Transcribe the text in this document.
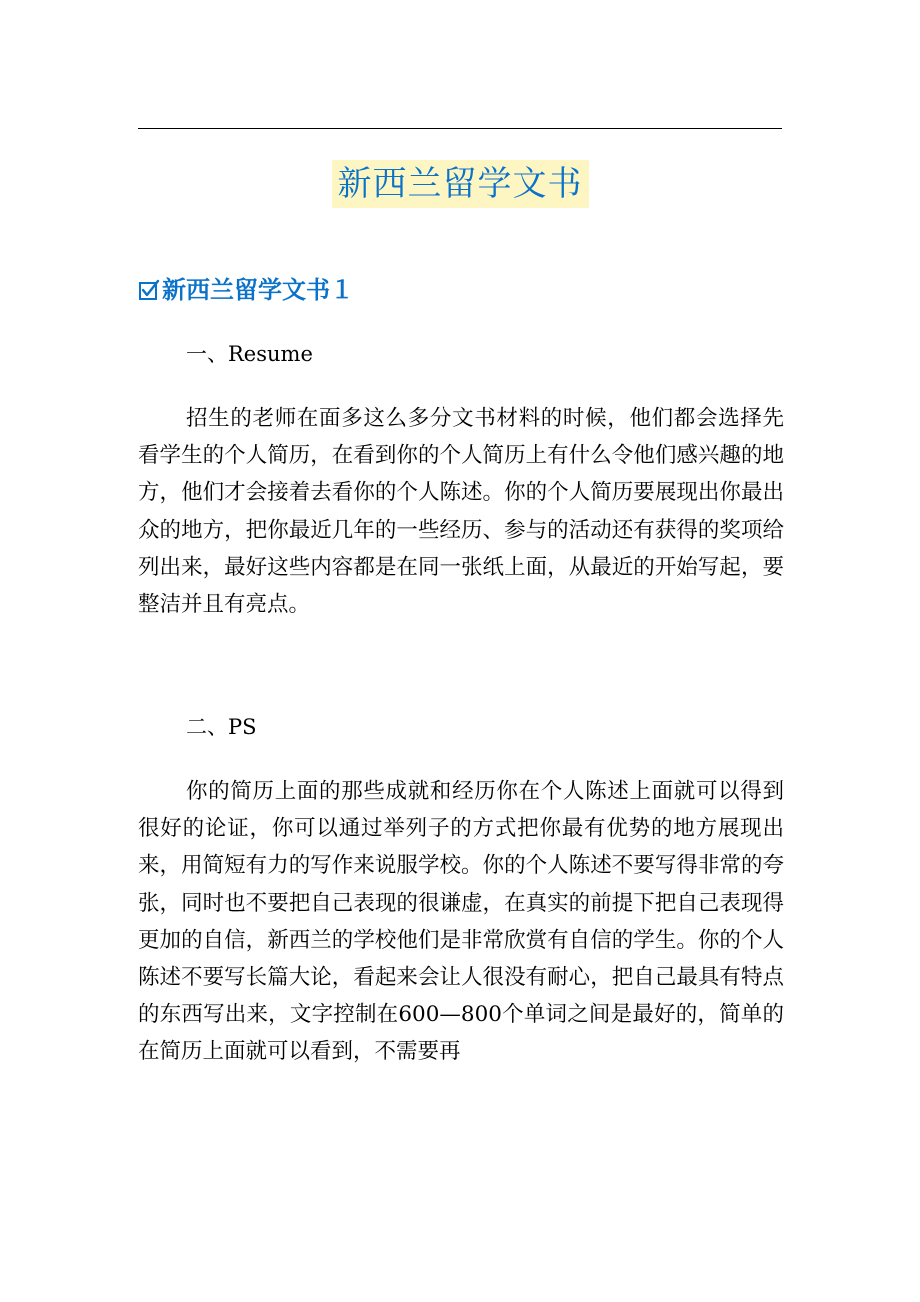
新西兰留学文书
新西兰留学文书１
一、Resume
招生的老师在面多这么多分文书材料的时候，他们都会选择先看学生的个人简历，在看到你的个人简历上有什么令他们感兴趣的地方，他们才会接着去看你的个人陈述。你的个人简历要展现出你最出众的地方，把你最近几年的一些经历、参与的活动还有获得的奖项给列出来，最好这些内容都是在同一张纸上面，从最近的开始写起，要整洁并且有亮点。
二、PS
你的简历上面的那些成就和经历你在个人陈述上面就可以得到很好的论证，你可以通过举列子的方式把你最有优势的地方展现出来，用简短有力的写作来说服学校。你的个人陈述不要写得非常的夸张，同时也不要把自己表现的很谦虚，在真实的前提下把自己表现得更加的自信，新西兰的学校他们是非常欣赏有自信的学生。你的个人陈述不要写长篇大论，看起来会让人很没有耐心，把自己最具有特点的东西写出来，文字控制在600—800个单词之间是最好的，简单的在简历上面就可以看到，不需要再
